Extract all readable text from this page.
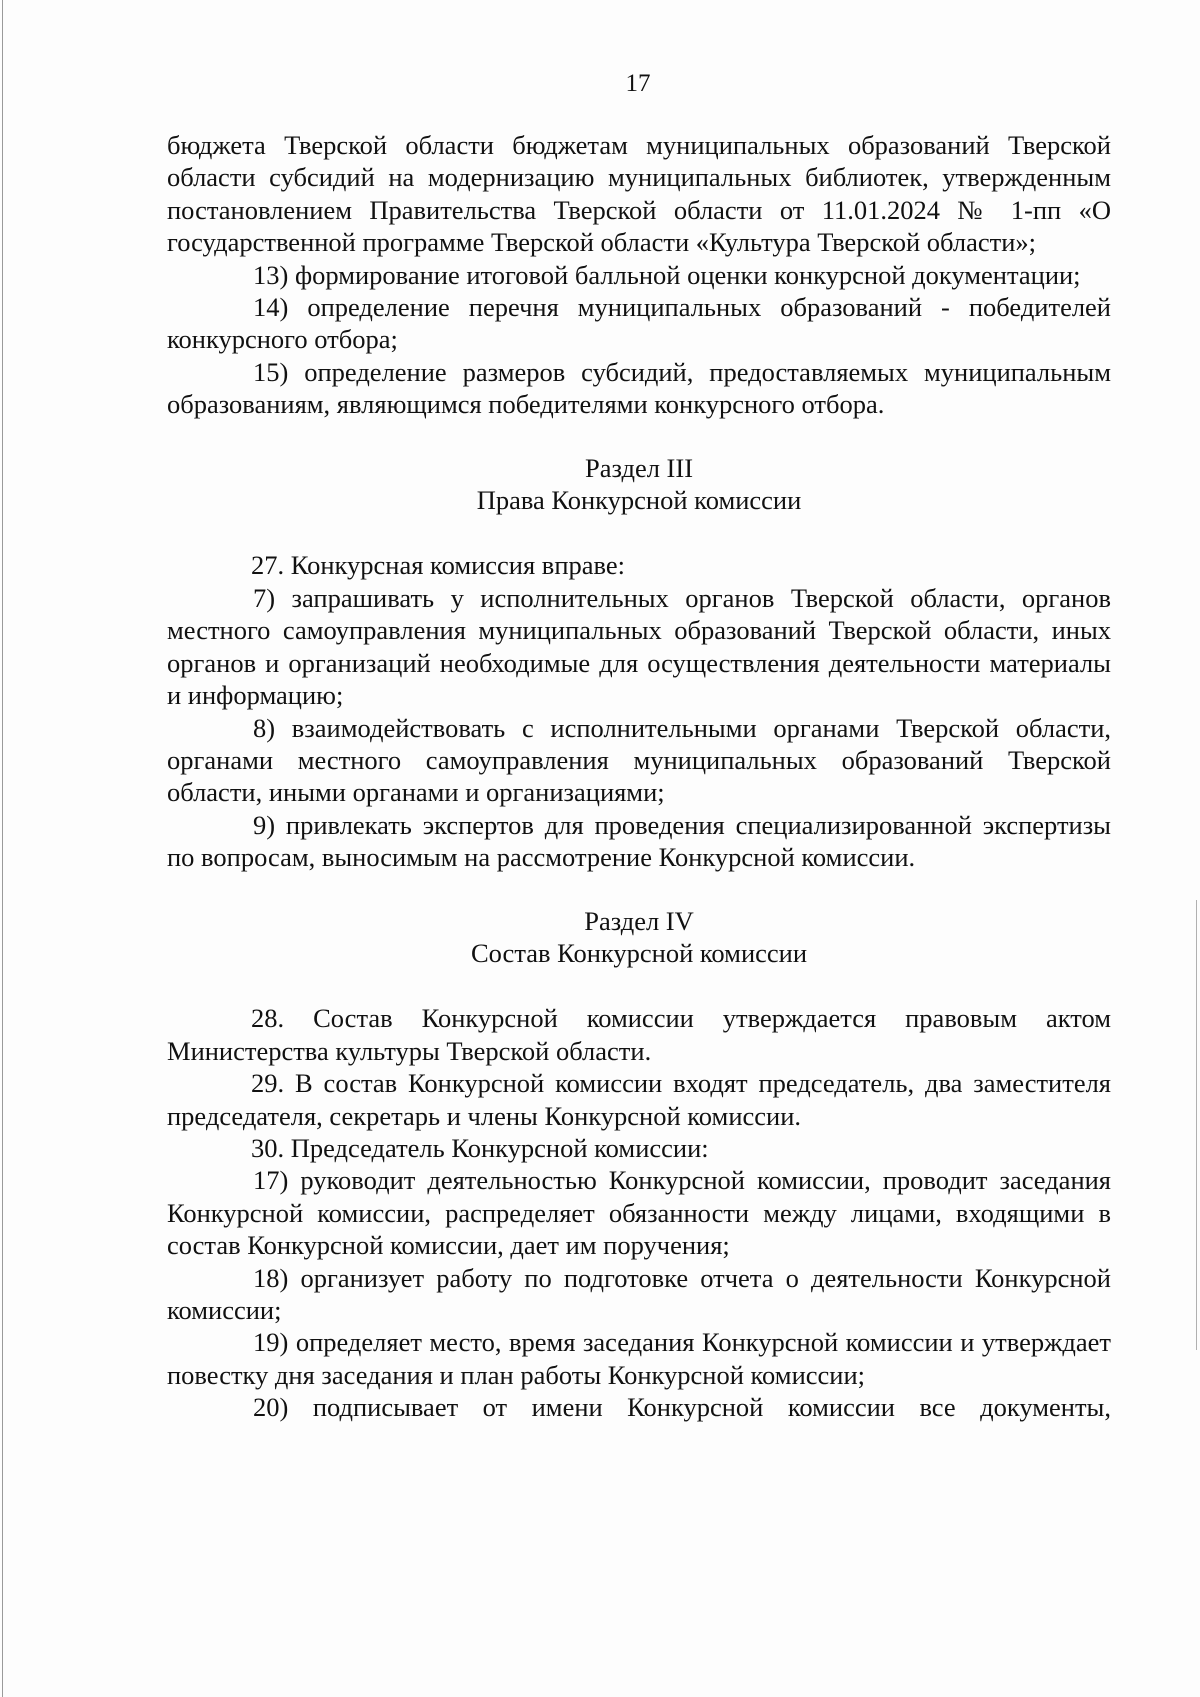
17

бюджета Тверской области бюджетам муниципальных образований Тверской области субсидий на модернизацию муниципальных библиотек, утвержденным постановлением Правительства Тверской области от 11.01.2024 № 1-пп «О государственной программе Тверской области «Культура Тверской области»;

13) формирование итоговой балльной оценки конкурсной документации;

14) определение перечня муниципальных образований - победителей конкурсного отбора;

15) определение размеров субсидий, предоставляемых муниципальным образованиям, являющимся победителями конкурсного отбора.

Раздел III

Права Конкурсной комиссии

27. Конкурсная комиссия вправе:

7) запрашивать у исполнительных органов Тверской области, органов местного самоуправления муниципальных образований Тверской области, иных органов и организаций необходимые для осуществления деятельности материалы и информацию;

8) взаимодействовать с исполнительными органами Тверской области, органами местного самоуправления муниципальных образований Тверской области, иными органами и организациями;

9) привлекать экспертов для проведения специализированной экспертизы по вопросам, выносимым на рассмотрение Конкурсной комиссии.

Раздел IV

Состав Конкурсной комиссии

28. Состав Конкурсной комиссии утверждается правовым актом Министерства культуры Тверской области.

29. В состав Конкурсной комиссии входят председатель, два заместителя председателя, секретарь и члены Конкурсной комиссии.

30. Председатель Конкурсной комиссии:

17) руководит деятельностью Конкурсной комиссии, проводит заседания Конкурсной комиссии, распределяет обязанности между лицами, входящими в состав Конкурсной комиссии, дает им поручения;

18) организует работу по подготовке отчета о деятельности Конкурсной комиссии;

19) определяет место, время заседания Конкурсной комиссии и утверждает повестку дня заседания и план работы Конкурсной комиссии;

20) подписывает от имени Конкурсной комиссии все документы,
